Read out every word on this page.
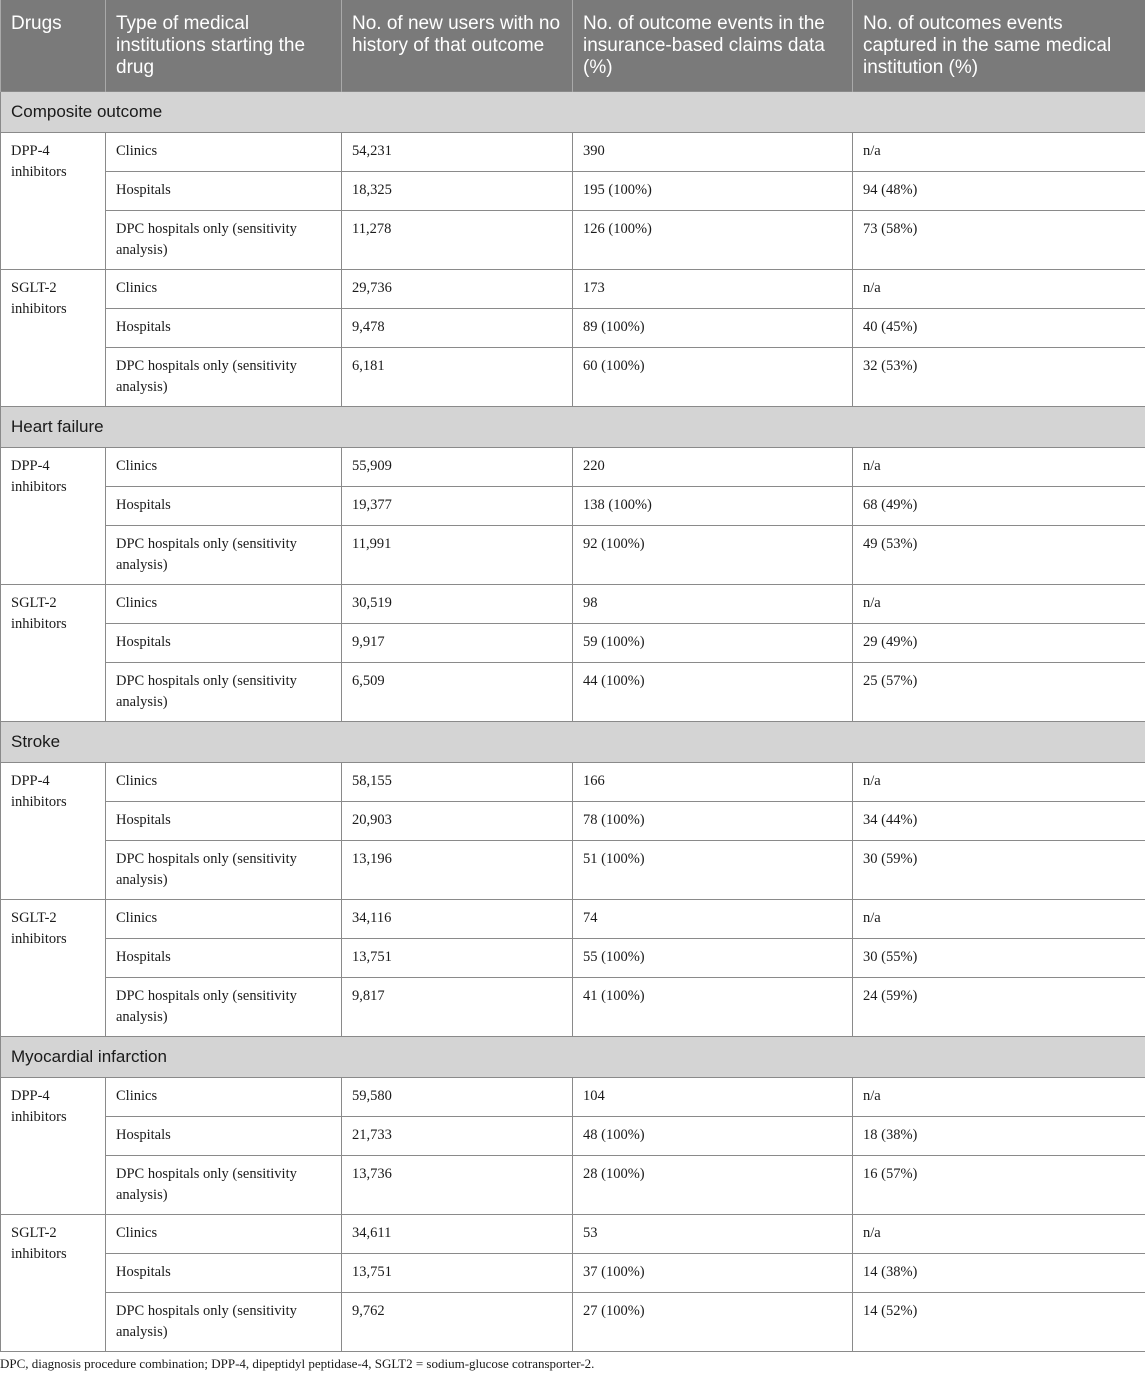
Drugs	Type of medical institutions starting the drug	No. of new users with no history of that outcome	No. of outcome events in the insurance-based claims data (%)	No. of outcomes events captured in the same medical institution (%)
Composite outcome				
DPP-4 inhibitors	Clinics	54,231	390	n/a
	Hospitals	18,325	195 (100%)	94 (48%)
	DPC hospitals only (sensitivity analysis)	11,278	126 (100%)	73 (58%)
SGLT-2 inhibitors	Clinics	29,736	173	n/a
	Hospitals	9,478	89 (100%)	40 (45%)
	DPC hospitals only (sensitivity analysis)	6,181	60 (100%)	32 (53%)
Heart failure				
DPP-4 inhibitors	Clinics	55,909	220	n/a
	Hospitals	19,377	138 (100%)	68 (49%)
	DPC hospitals only (sensitivity analysis)	11,991	92 (100%)	49 (53%)
SGLT-2 inhibitors	Clinics	30,519	98	n/a
	Hospitals	9,917	59 (100%)	29 (49%)
	DPC hospitals only (sensitivity analysis)	6,509	44 (100%)	25 (57%)
Stroke				
DPP-4 inhibitors	Clinics	58,155	166	n/a
	Hospitals	20,903	78 (100%)	34 (44%)
	DPC hospitals only (sensitivity analysis)	13,196	51 (100%)	30 (59%)
SGLT-2 inhibitors	Clinics	34,116	74	n/a
	Hospitals	13,751	55 (100%)	30 (55%)
	DPC hospitals only (sensitivity analysis)	9,817	41 (100%)	24 (59%)
Myocardial infarction				
DPP-4 inhibitors	Clinics	59,580	104	n/a
	Hospitals	21,733	48 (100%)	18 (38%)
	DPC hospitals only (sensitivity analysis)	13,736	28 (100%)	16 (57%)
SGLT-2 inhibitors	Clinics	34,611	53	n/a
	Hospitals	13,751	37 (100%)	14 (38%)
	DPC hospitals only (sensitivity analysis)	9,762	27 (100%)	14 (52%)
DPC, diagnosis procedure combination; DPP-4, dipeptidyl peptidase-4, SGLT2 = sodium-glucose cotransporter-2.
